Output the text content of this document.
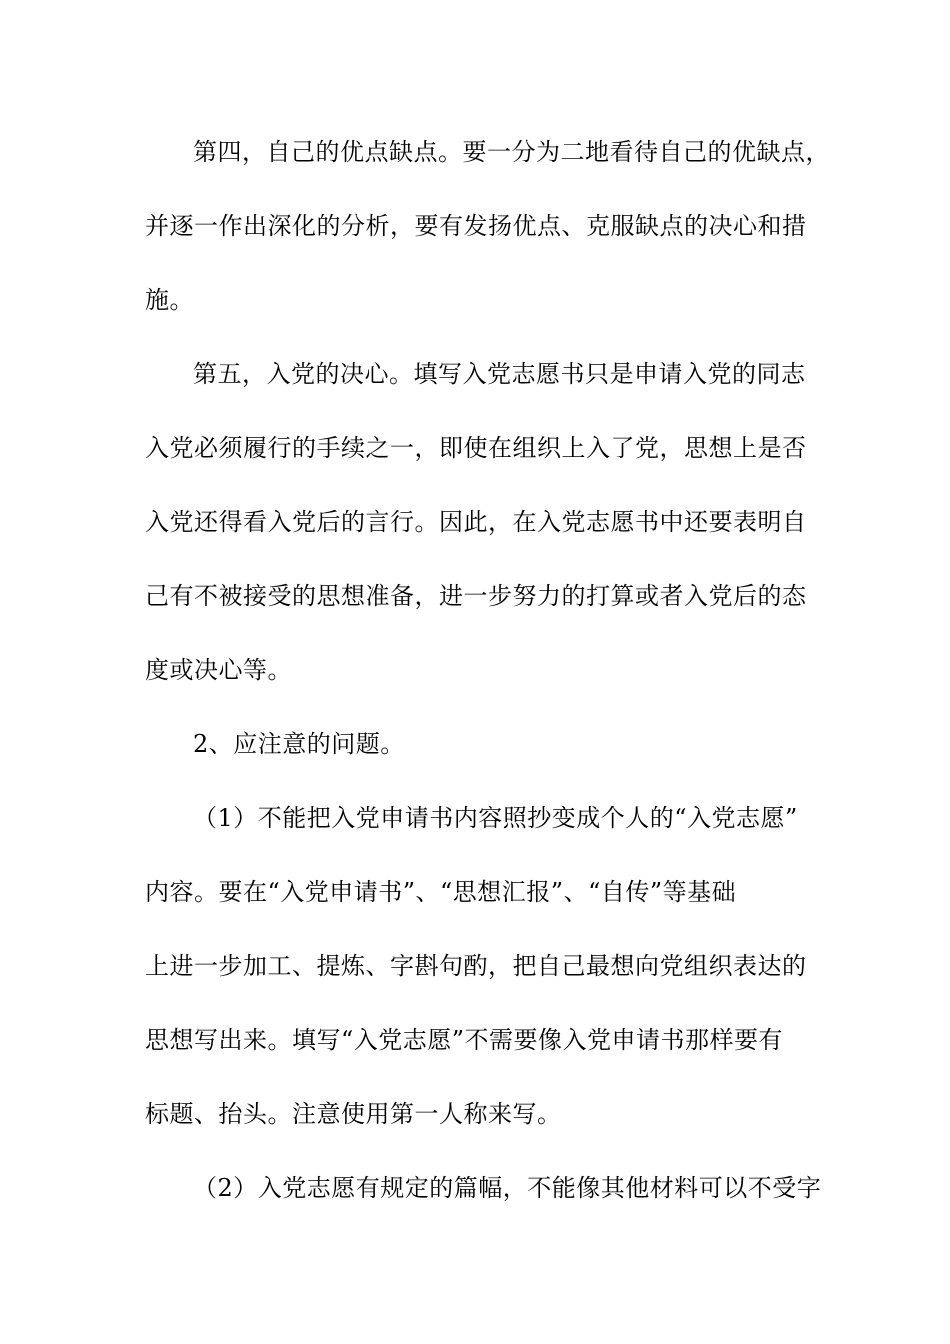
第四，自己的优点缺点。要一分为二地看待自己的优缺点，
并逐一作出深化的分析，要有发扬优点、克服缺点的决心和措
施。
第五，入党的决心。填写入党志愿书只是申请入党的同志
入党必须履行的手续之一，即使在组织上入了党，思想上是否
入党还得看入党后的言行。因此，在入党志愿书中还要表明自
己有不被接受的思想准备，进一步努力的打算或者入党后的态
度或决心等。
2、应注意的问题。
（1）不能把入党申请书内容照抄变成个人的“入党志愿”
内容。要在“入党申请书”、“思想汇报”、“自传”等基础
上进一步加工、提炼、字斟句酌，把自己最想向党组织表达的
思想写出来。填写“入党志愿”不需要像入党申请书那样要有
标题、抬头。注意使用第一人称来写。
（2）入党志愿有规定的篇幅，不能像其他材料可以不受字
